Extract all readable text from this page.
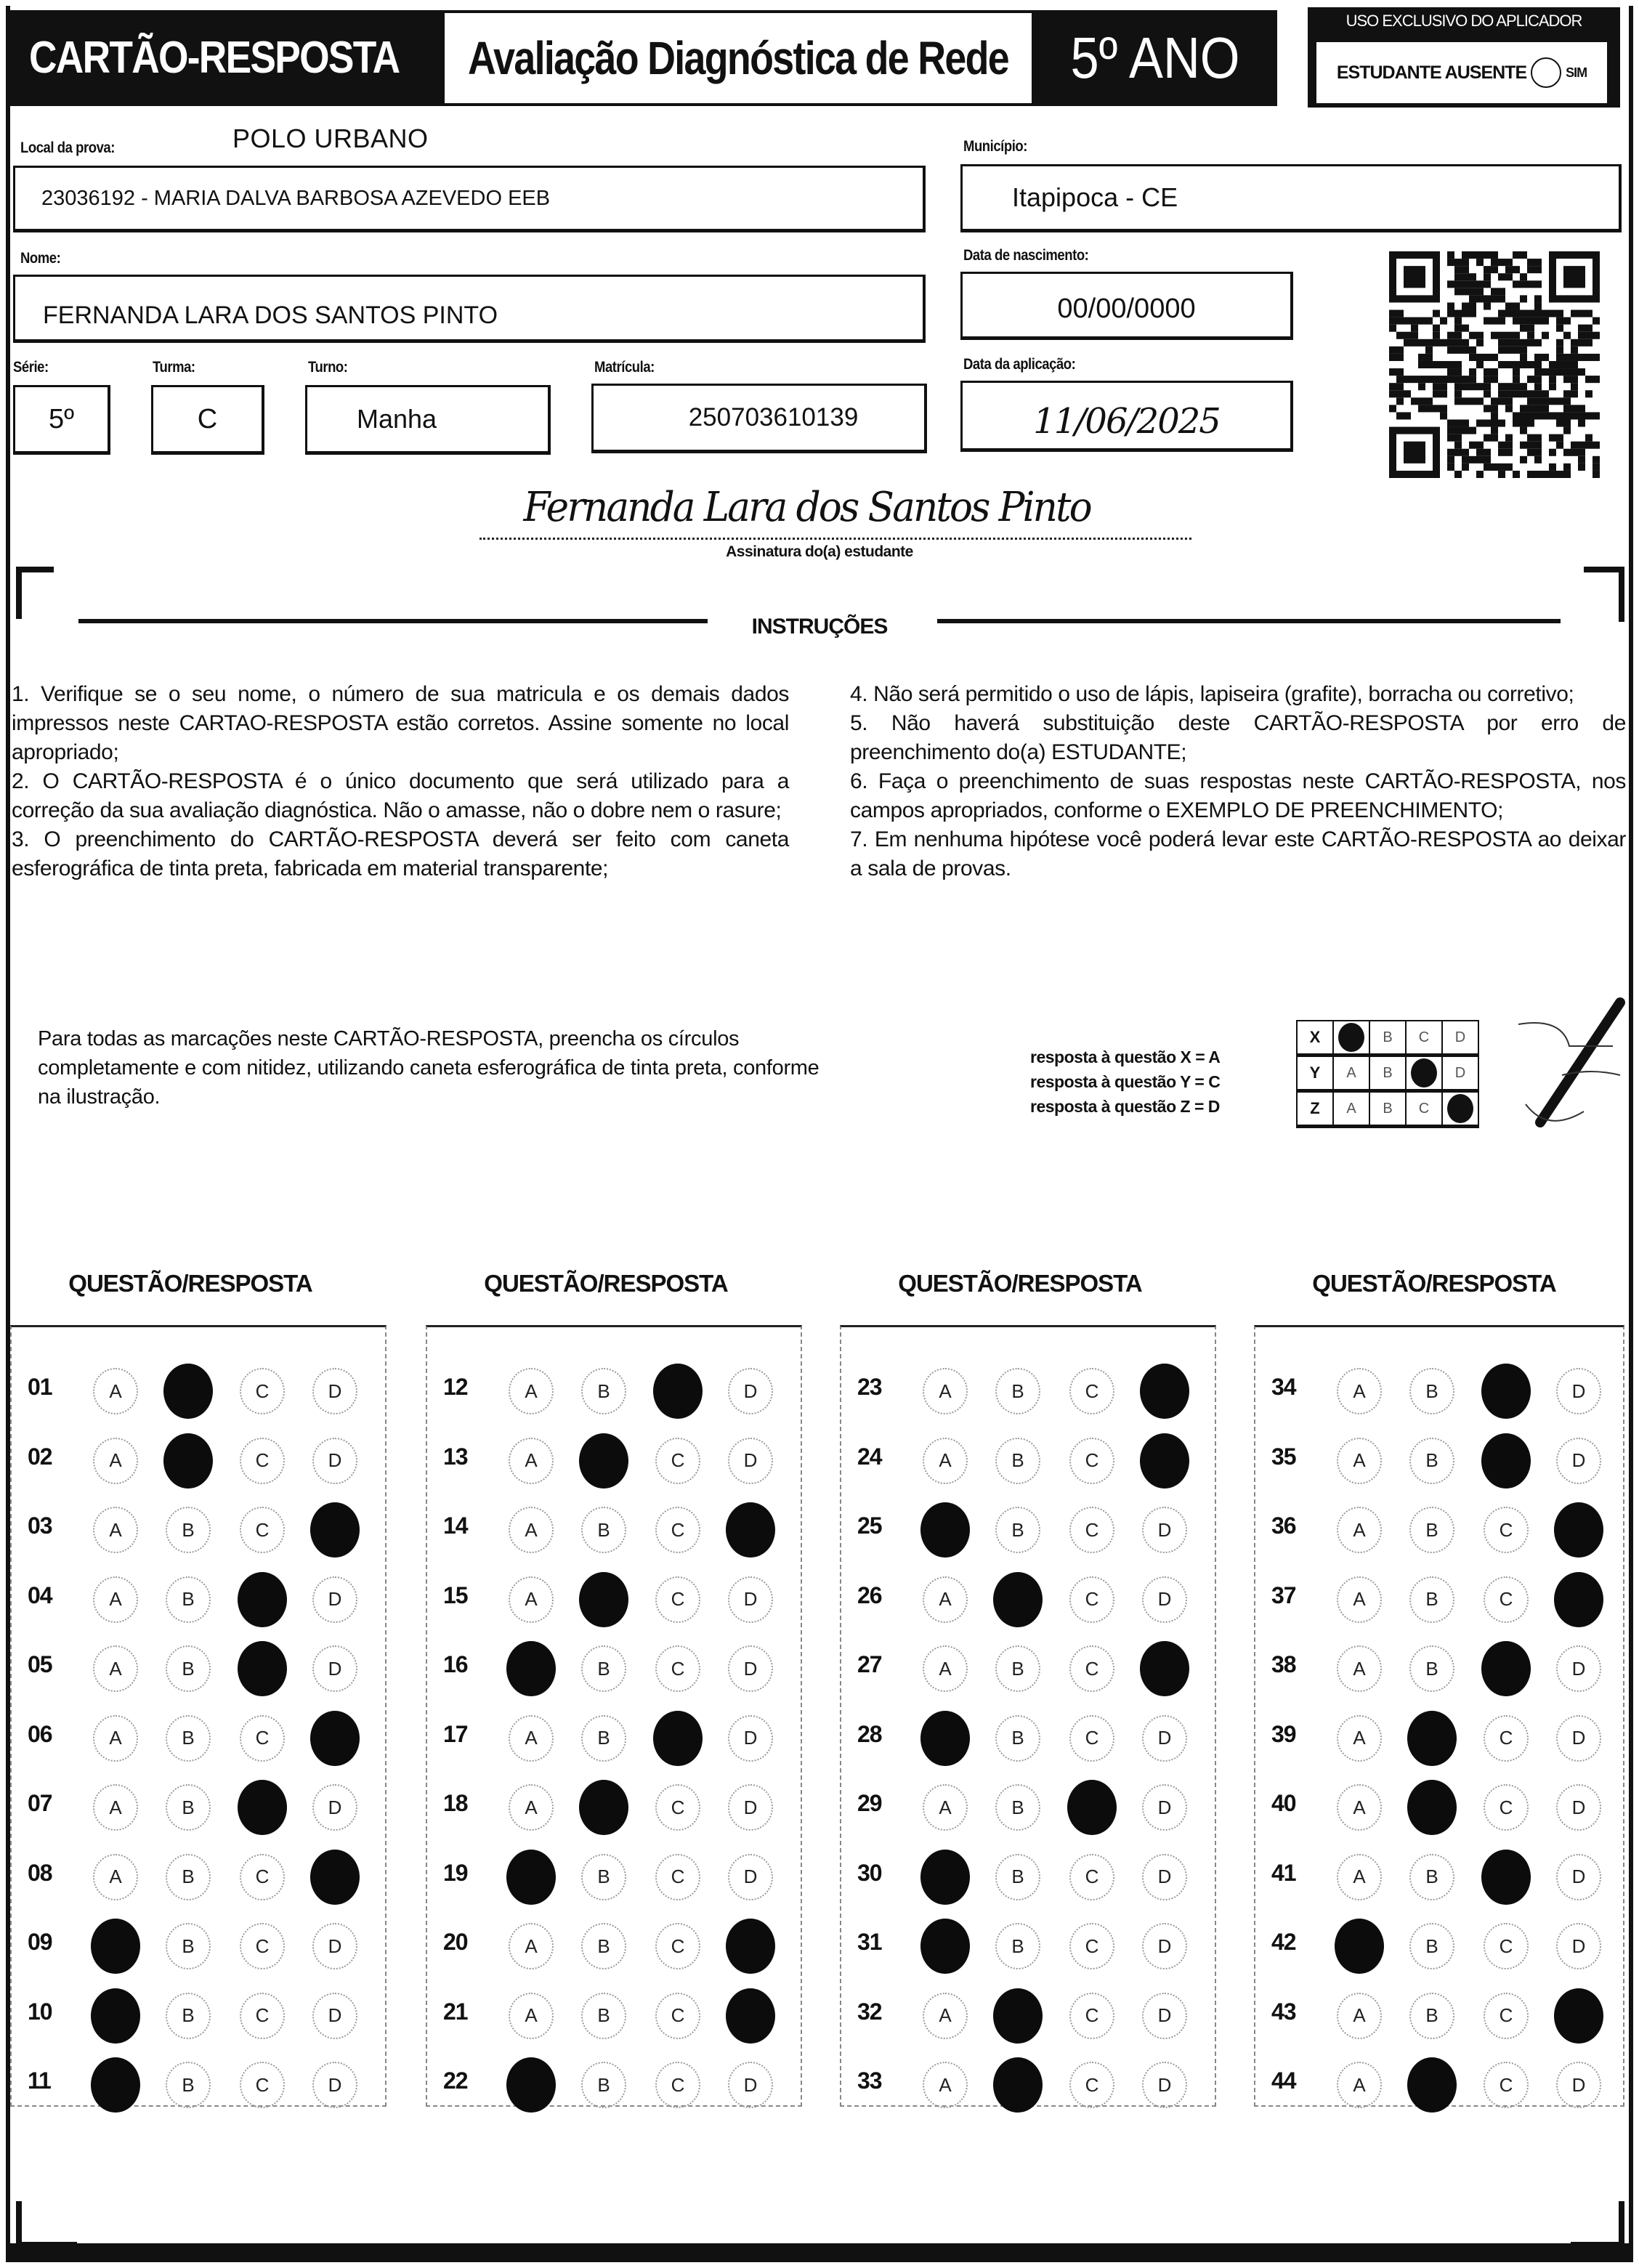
CARTÃO-RESPOSTA Avaliação Diagnóstica de Rede	5º ANO
USO EXCLUSIVO DO APLICADOR
ESTUDANTE AUSENTE	SIM
Local da prova:	POLO URBANO
23036192 - MARIA DALVA BARBOSA AZEVEDO EEB
Município:
Itapipoca - CE
Nome:
FERNANDA LARA DOS SANTOS PINTO
Data de nascimento:
00/00/0000
Série:
5º
Turma:
C
Turno:
Manha
Matrícula:
250703610139
Data da aplicação:
11/06/2025
Fernanda Lara dos Santos Pinto
Assinatura do(a) estudante
INSTRUÇÕES

1. Verifique se o seu nome, o número de sua matricula e os demais dados impressos neste CARTAO-RESPOSTA estão corretos. Assine somente no local apropriado;

2. O CARTÃO-RESPOSTA é o único documento que será utilizado para a correção da sua avaliação diagnóstica. Não o amasse, não o dobre nem o rasure;

3. O preenchimento do CARTÃO-RESPOSTA deverá ser feito com caneta esferográfica de tinta preta, fabricada em material transparente;

4. Não será permitido o uso de lápis, lapiseira (grafite), borracha ou corretivo;

5. Não haverá substituição deste CARTÃO-RESPOSTA por erro de preenchimento do(a) ESTUDANTE;

6. Faça o preenchimento de suas respostas neste CARTÃO-RESPOSTA, nos campos apropriados, conforme o EXEMPLO DE PREENCHIMENTO;

7. Em nenhuma hipótese você poderá levar este CARTÃO-RESPOSTA ao deixar a sala de provas.

Para todas as marcações neste CARTÃO-RESPOSTA, preencha os círculos completamente e com nitidez, utilizando caneta esferográfica de tinta preta, conforme na ilustração.
resposta à questão X = A
resposta à questão Y = C
resposta à questão Z = D
X		B	C	D
Y	A	B		D
Z	A	B	C	
QUESTÃO/RESPOSTA
01	A	C	D
02	A	C	D
03	A	B	C
04	A	B	D
05	A	B	D
06	A	B	C
07	A	B	D
08	A	B	C
09	B	C	D
10	B	C	D
11	B	C	D
QUESTÃO/RESPOSTA
12	A	B	D
13	A	C	D
14	A	B	C
15	A	C	D
16	B	C	D
17	A	B	D
18	A	C	D
19	B	C	D
20	A	B	C
21	A	B	C
22	B	C	D
QUESTÃO/RESPOSTA
23	A	B	C
24	A	B	C
25	B	C	D
26	A	C	D
27	A	B	C
28	B	C	D
29	A	B	D
30	B	C	D
31	B	C	D
32	A	C	D
33	A	C	D
QUESTÃO/RESPOSTA
34	A	B	D
35	A	B	D
36	A	B	C
37	A	B	C
38	A	B	D
39	A	C	D
40	A	C	D
41	A	B	D
42	B	C	D
43	A	B	C
44	A	C	D
